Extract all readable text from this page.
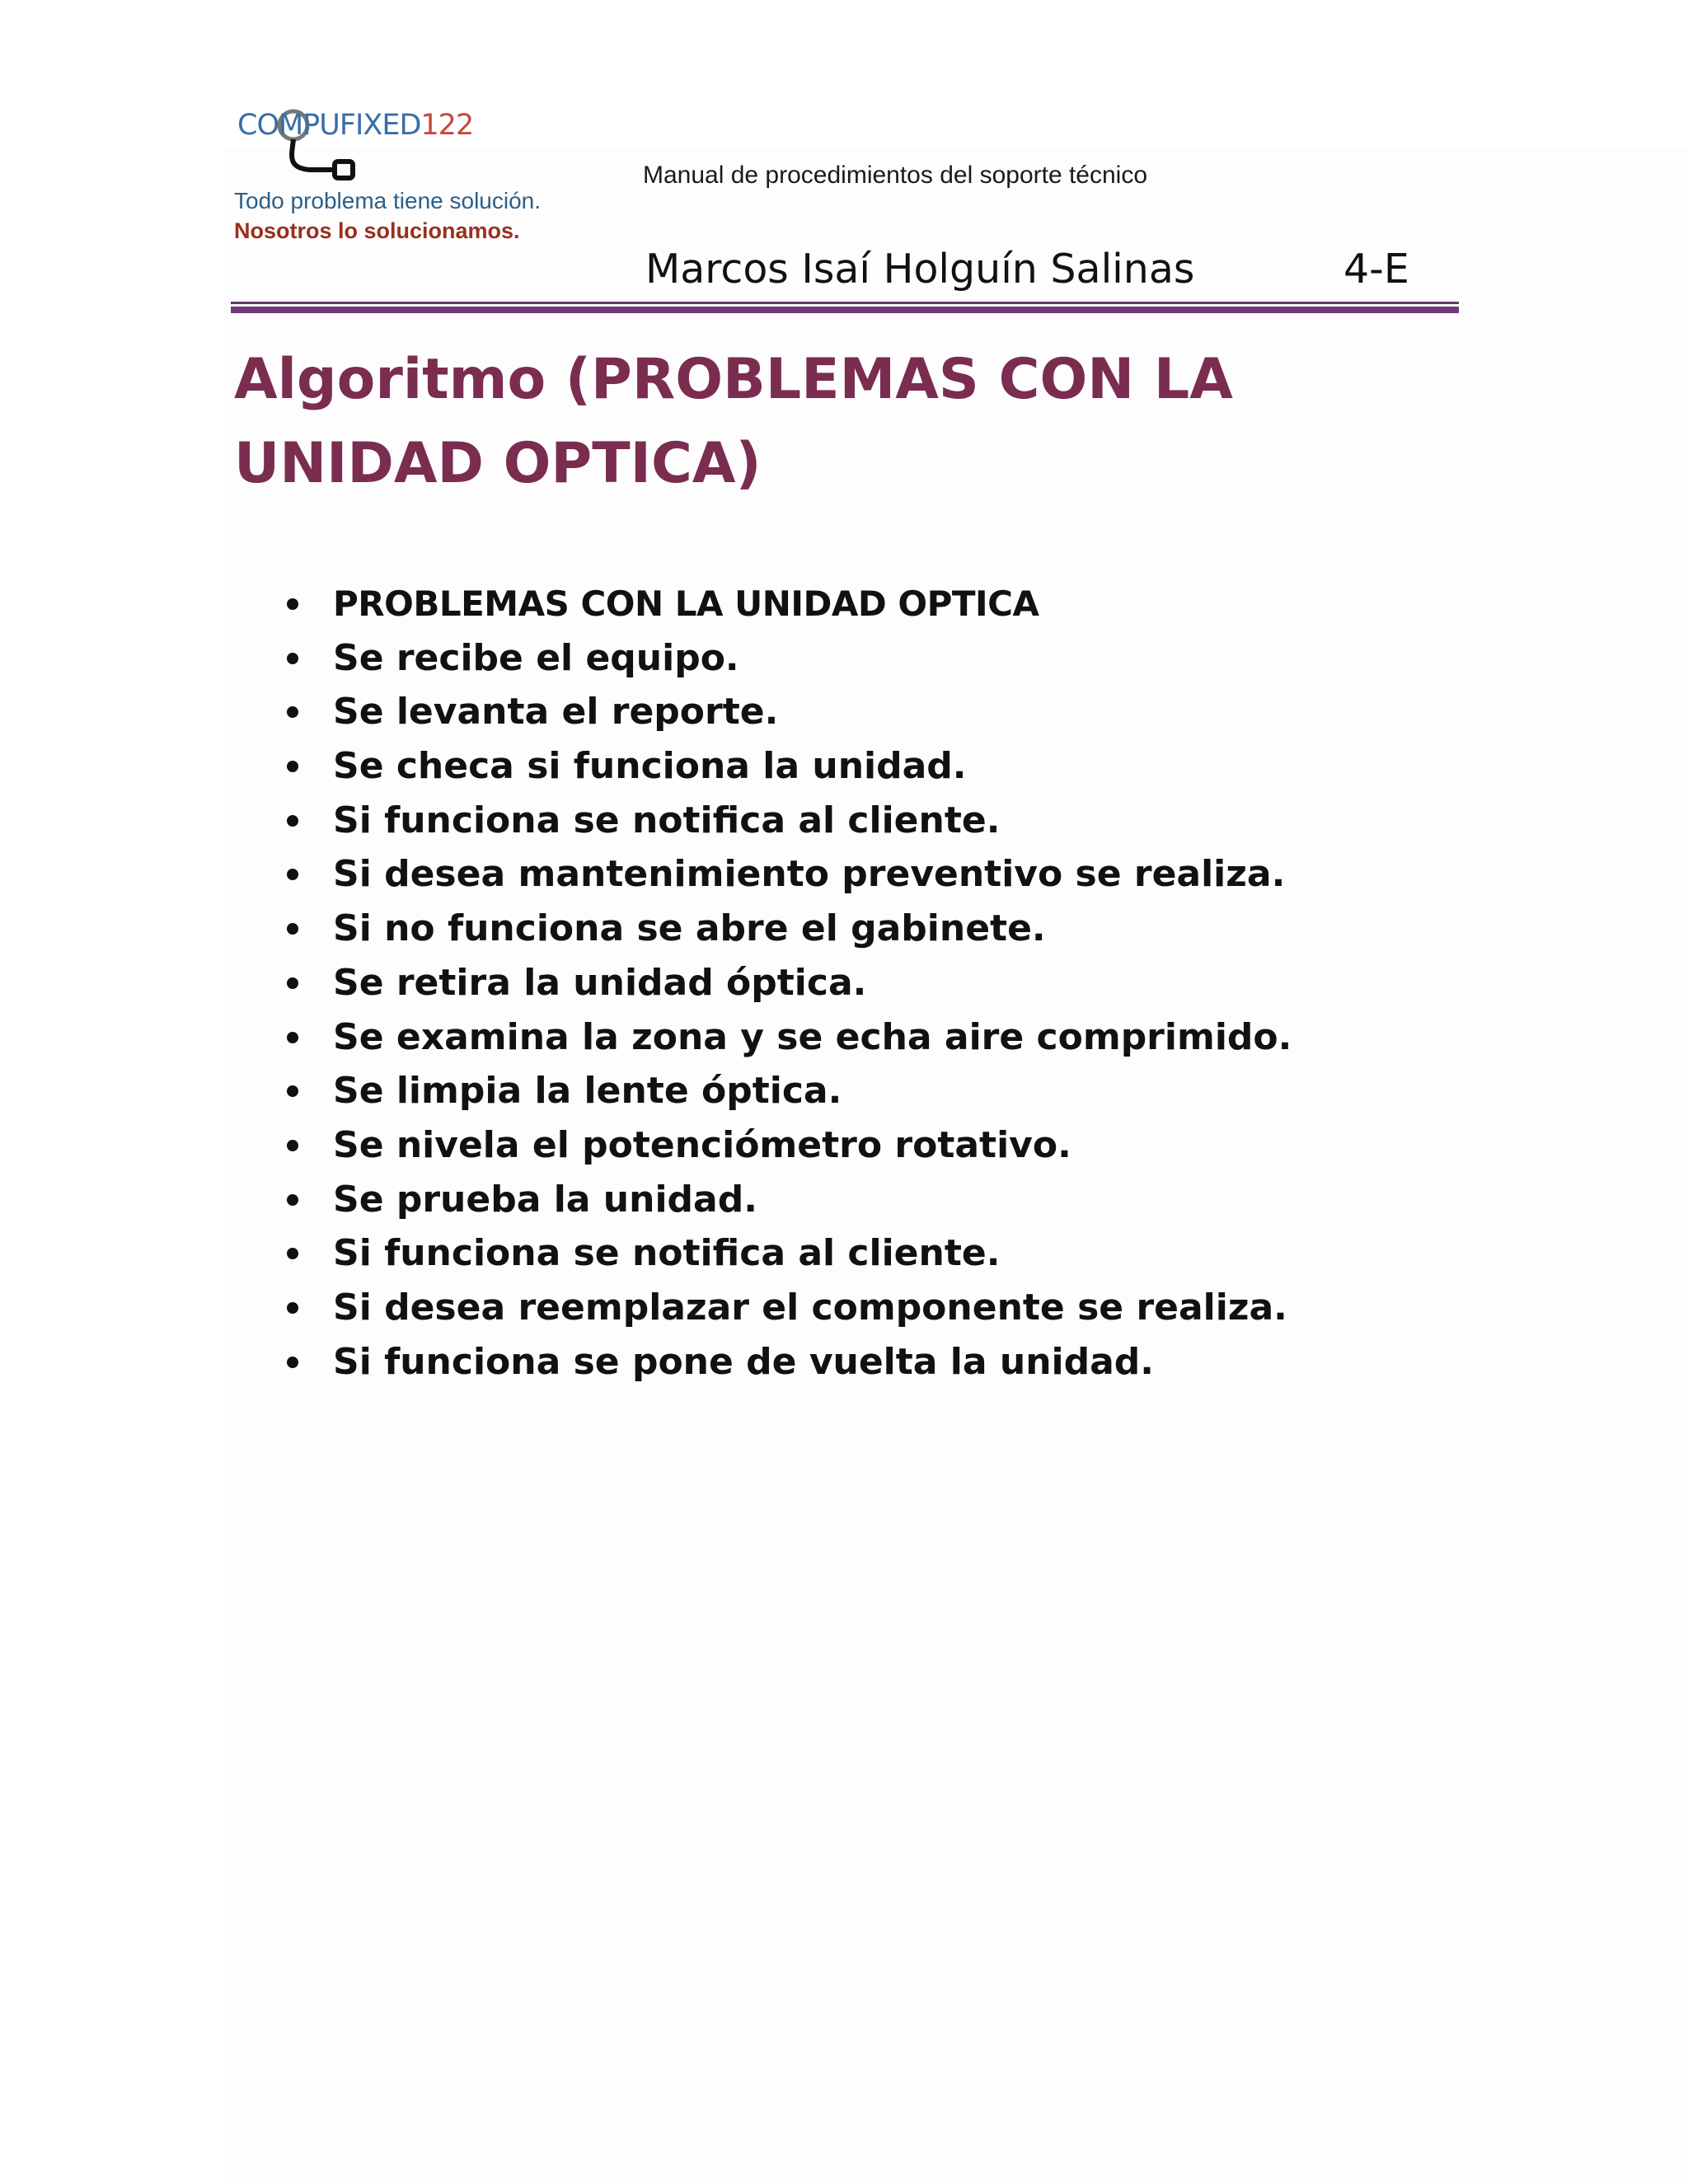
COMPUFIXED122
Todo problema tiene solución.
Nosotros lo solucionamos.
Manual de procedimientos del soporte técnico
Marcos Isaí Holguín Salinas	4-E
Algoritmo (PROBLEMAS CON LA UNIDAD OPTICA)
PROBLEMAS CON LA UNIDAD OPTICA
Se recibe el equipo.
Se levanta el reporte.
Se checa si funciona la unidad.
Si funciona se notifica al cliente.
Si desea mantenimiento preventivo se realiza.
Si no funciona se abre el gabinete.
Se retira la unidad óptica.
Se examina la zona y se echa aire comprimido.
Se limpia la lente óptica.
Se nivela el potenciómetro rotativo.
Se prueba la unidad.
Si funciona se notifica al cliente.
Si desea reemplazar el componente se realiza.
Si funciona se pone de vuelta la unidad.
